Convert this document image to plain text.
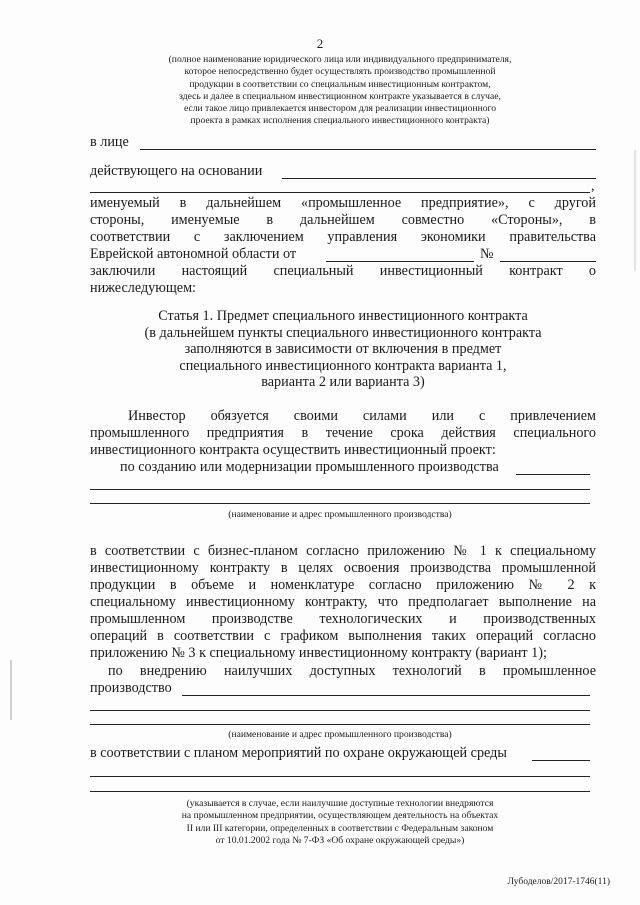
2
(полное наименование юридического лица или индивидуального предпринимателя,
которое непосредственно будет осуществлять производство промышленной
продукции в соответствии со специальным инвестиционным контрактом,
здесь и далее в специальном инвестиционном контракте указывается в случае,
если такое лицо привлекается инвестором для реализации инвестиционного
проекта в рамках исполнения специального инвестиционного контракта)
в лице
действующего на основании
,
именуемый в дальнейшем «промышленное предприятие», с другой
стороны, именуемые в дальнейшем совместно «Стороны», в
соответствии с заключением управления экономики правительства
Еврейской автономной области от	№
заключили настоящий специальный инвестиционный контракт о
нижеследующем:
Статья 1. Предмет специального инвестиционного контракта
(в дальнейшем пункты специального инвестиционного контракта
заполняются в зависимости от включения в предмет
специального инвестиционного контракта варианта 1,
варианта 2 или варианта 3)
Инвестор обязуется своими силами или с привлечением
промышленного предприятия в течение срока действия специального
инвестиционного контракта осуществить инвестиционный проект:
по созданию или модернизации промышленного производства
(наименование и адрес промышленного производства)
в соответствии с бизнес-планом согласно приложению № 1 к специальному
инвестиционному контракту в целях освоения производства промышленной
продукции в объеме и номенклатуре согласно приложению № 2 к
специальному инвестиционному контракту, что предполагает выполнение на
промышленном производстве технологических и производственных
операций в соответствии с графиком выполнения таких операций согласно
приложению № 3 к специальному инвестиционному контракту (вариант 1);
по внедрению наилучших доступных технологий в промышленное
производство
(наименование и адрес промышленного производства)
в соответствии с планом мероприятий по охране окружающей среды
(указывается в случае, если наилучшие доступные технологии внедряются
на промышленном предприятии, осуществляющем деятельность на объектах
II или III категории, определенных в соответствии с Федеральным законом
от 10.01.2002 года № 7-ФЗ «Об охране окружающей среды»)
Лубоделов/2017-1746(11)
